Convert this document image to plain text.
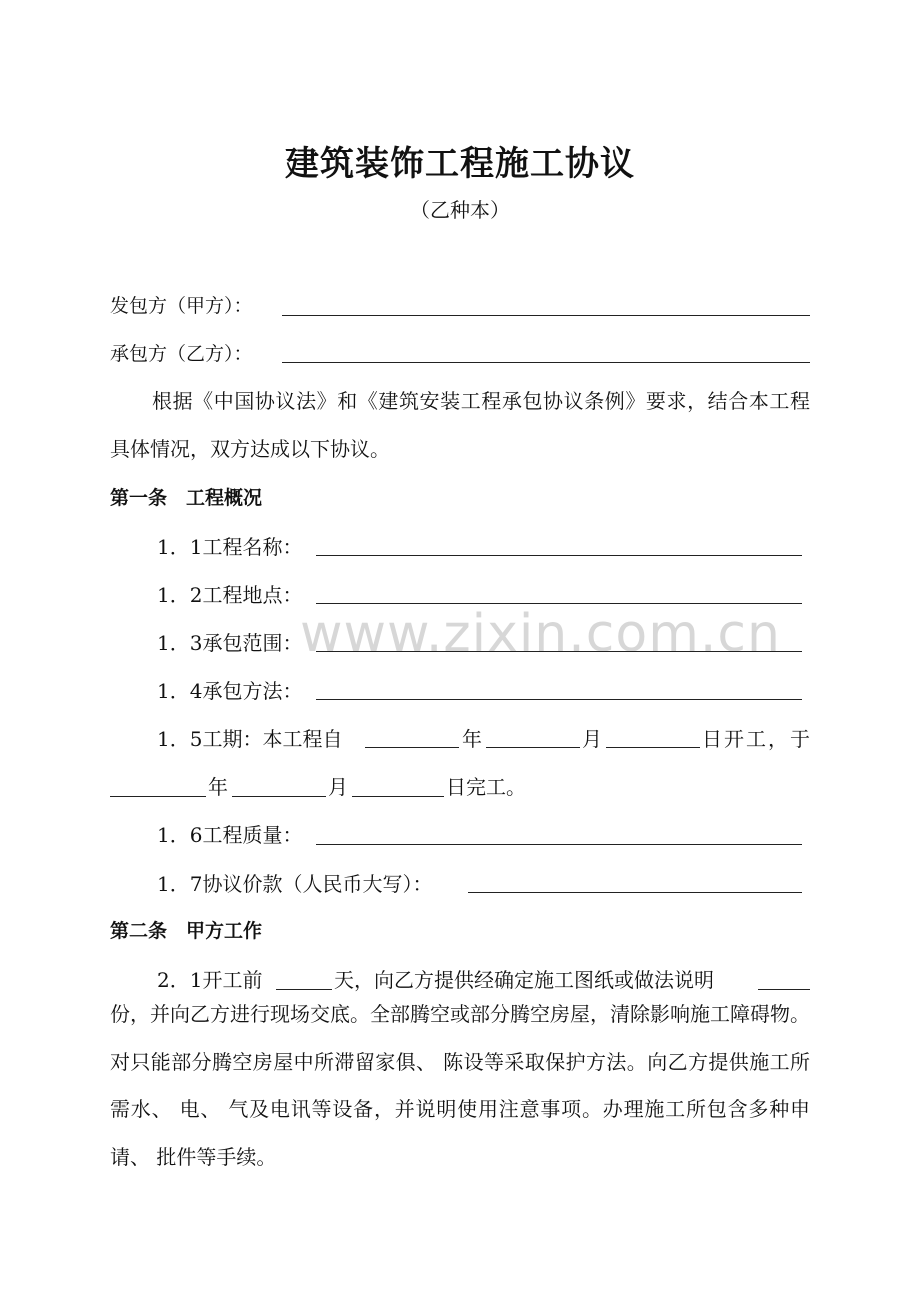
www.zixin.com.cn
建筑装饰工程施工协议
（乙种本）
发包方（甲方）：
承包方（乙方）：
根据《中国协议法》和《建筑安装工程承包协议条例》要求，结合本工程具体情况，双方达成以下协议。
第一条　工程概况
1．1工程名称：
1．2工程地点：
1．3承包范围：
1．4承包方法：
1．5工期：本工程自	年	月	日开工，于
年	月	日完工。
1．6工程质量：
1．7协议价款（人民币大写）：
第二条　甲方工作
2．1开工前	天，向乙方提供经确定施工图纸或做法说明
份，并向乙方进行现场交底。全部腾空或部分腾空房屋，清除影响施工障碍物。对只能部分腾空房屋中所滞留家俱、 陈设等采取保护方法。向乙方提供施工所需水、 电、 气及电讯等设备，并说明使用注意事项。办理施工所包含多种申请、 批件等手续。
